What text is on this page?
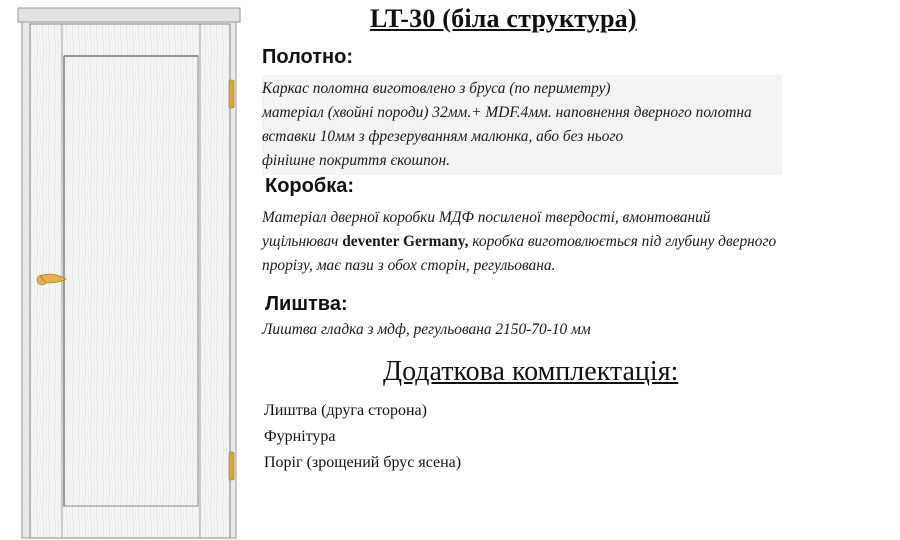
LT-30 (біла структура)
Полотно:
Каркас полотна виготовлено з бруса (по периметру)
матеріал (хвойні породи) 32мм.+ MDF.4мм. наповнення дверного полотна
вставки 10мм з фрезеруванням малюнка, або без нього
фінішне покриття єкошпон.
Коробка:
Матеріал дверної коробки МДФ посиленої твердості, вмонтований
ущільнювач deventer Germany, коробка виготовлюється під глубину дверного
прорізу, має пази з обох сторін, регульована.
Лиштва:
Лиштва гладка з мдф, регульована 2150-70-10 мм
Додаткова комплектація:
Лиштва (друга сторона)
Фурнітура
Поріг (зрощений брус ясена)
